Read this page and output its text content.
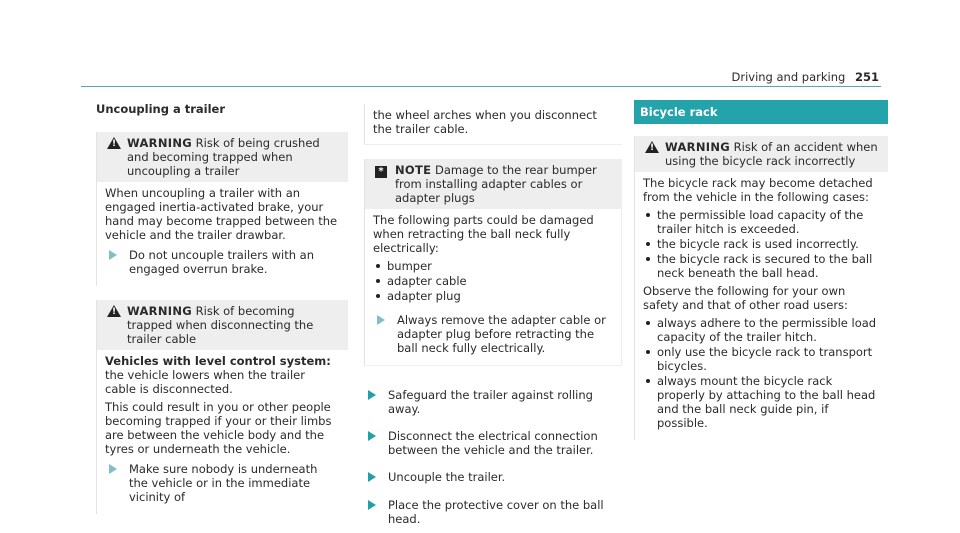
Driving and parking 251
Uncoupling a trailer
!
WARNING Risk of being crushed and becoming trapped when uncoupling a trailer

When uncoupling a trailer with an engaged inertia-activated brake, your hand may become trapped between the vehicle and the trailer drawbar.

Do not uncouple trailers with an engaged overrun brake.
!
WARNING Risk of becoming trapped when disconnecting the trailer cable

Vehicles with level control system: the vehicle lowers when the trailer cable is disconnected.

This could result in you or other people becoming trapped if your or their limbs are between the vehicle body and the tyres or underneath the vehicle.

Make sure nobody is underneath the vehicle or in the immediate vicinity of
the wheel arches when you disconnect the trailer cable.
* NOTE Damage to the rear bumper from installing adapter cables or adapter plugs

The following parts could be damaged when retracting the ball neck fully electrically:

bumper
adapter cable
adapter plug
Always remove the adapter cable or adapter plug before retracting the ball neck fully electrically.
Safeguard the trailer against rolling away.
Disconnect the electrical connection between the vehicle and the trailer.
Uncouple the trailer.
Place the protective cover on the ball head.
Bicycle rack
!
WARNING Risk of an accident when using the bicycle rack incorrectly

The bicycle rack may become detached from the vehicle in the following cases:

the permissible load capacity of the trailer hitch is exceeded.
the bicycle rack is used incorrectly.
the bicycle rack is secured to the ball neck beneath the ball head.

Observe the following for your own safety and that of other road users:

always adhere to the permissible load capacity of the trailer hitch.
only use the bicycle rack to transport bicycles.
always mount the bicycle rack properly by attaching to the ball head and the ball neck guide pin, if possible.
